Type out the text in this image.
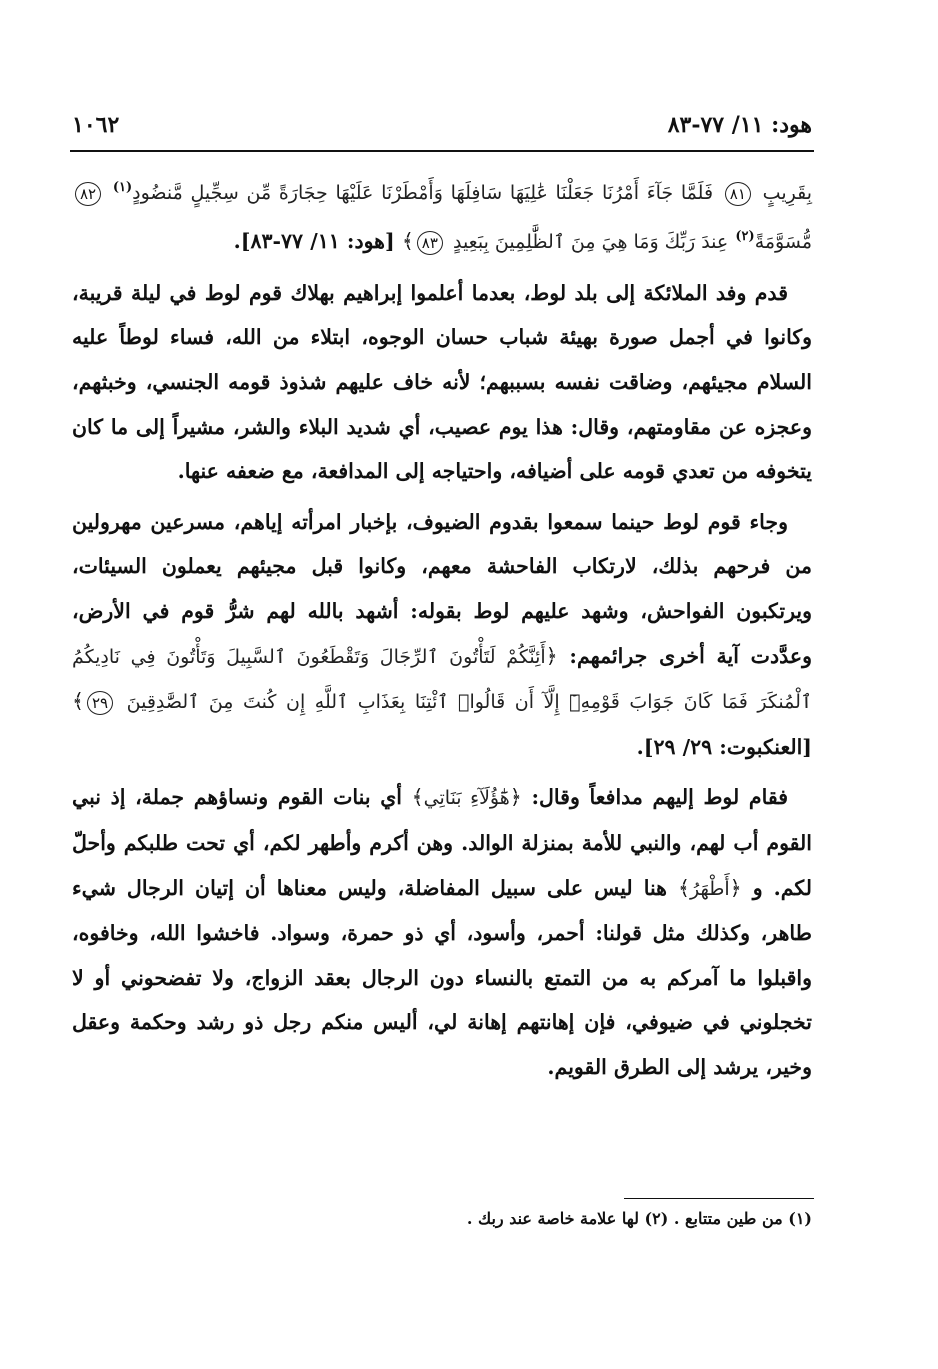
هود: ١١/ ٧٧-٨٣
١٠٦٢

بِقَرِيبٍ ٨١ فَلَمَّا جَآءَ أَمْرُنَا جَعَلْنَا عَٰلِيَهَا سَافِلَهَا وَأَمْطَرْنَا عَلَيْهَا حِجَارَةً مِّن سِجِّيلٍ مَّنضُودٍ$^{(١)}$ ٨٢ مُّسَوَّمَةً$^{(٢)}$ عِندَ رَبِّكَ وَمَا هِيَ مِنَ ٱلظَّٰلِمِينَ بِبَعِيدٍ ٨٣﴾ [هود: ١١/ ٧٧-٨٣].

قدم وفد الملائكة إلى بلد لوط، بعدما أعلموا إبراهيم بهلاك قوم لوط في ليلة قريبة، وكانوا في أجمل صورة بهيئة شباب حسان الوجوه، ابتلاء من الله، فساء لوطاً عليه السلام مجيئهم، وضاقت نفسه بسببهم؛ لأنه خاف عليهم شذوذ قومه الجنسي، وخبثهم، وعجزه عن مقاومتهم، وقال: هذا يوم عصيب، أي شديد البلاء والشر، مشيراً إلى ما كان يتخوفه من تعدي قومه على أضيافه، واحتياجه إلى المدافعة، مع ضعفه عنها.

وجاء قوم لوط حينما سمعوا بقدوم الضيوف، بإخبار امرأته إياهم، مسرعين مهرولين من فرحهم بذلك، لارتكاب الفاحشة معهم، وكانوا قبل مجيئهم يعملون السيئات، ويرتكبون الفواحش، وشهد عليهم لوط بقوله: أشهد بالله لهم شرُّ قوم في الأرض، وعدَّدت آية أخرى جرائمهم: ﴿أَئِنَّكُمْ لَتَأْتُونَ ٱلرِّجَالَ وَتَقْطَعُونَ ٱلسَّبِيلَ وَتَأْتُونَ فِي نَادِيكُمُ ٱلْمُنكَرَ فَمَا كَانَ جَوَابَ قَوْمِهِۦٓ إِلَّآ أَن قَالُوا۟ ٱئْتِنَا بِعَذَابِ ٱللَّهِ إِن كُنتَ مِنَ ٱلصَّٰدِقِينَ ٢٩﴾ [العنكبوت: ٢٩/ ٢٩].

فقام لوط إليهم مدافعاً وقال: ﴿هَٰٓؤُلَآءِ بَنَاتِي﴾ أي بنات القوم ونساؤهم جملة، إذ نبي القوم أب لهم، والنبي للأمة بمنزلة الوالد. وهن أكرم وأطهر لكم، أي تحت طلبكم وأحلّ لكم. و ﴿أَطْهَرُ﴾ هنا ليس على سبيل المفاضلة، وليس معناها أن إتيان الرجال شيء طاهر، وكذلك مثل قولنا: أحمر، وأسود، أي ذو حمرة، وسواد. فاخشوا الله، وخافوه، واقبلوا ما آمركم به من التمتع بالنساء دون الرجال بعقد الزواج، ولا تفضحوني أو لا تخجلوني في ضيوفي، فإن إهانتهم إهانة لي، أليس منكم رجل ذو رشد وحكمة وعقل وخير، يرشد إلى الطرق القويم.

(١) من طين متتابع . (٢) لها علامة خاصة عند ربك .
